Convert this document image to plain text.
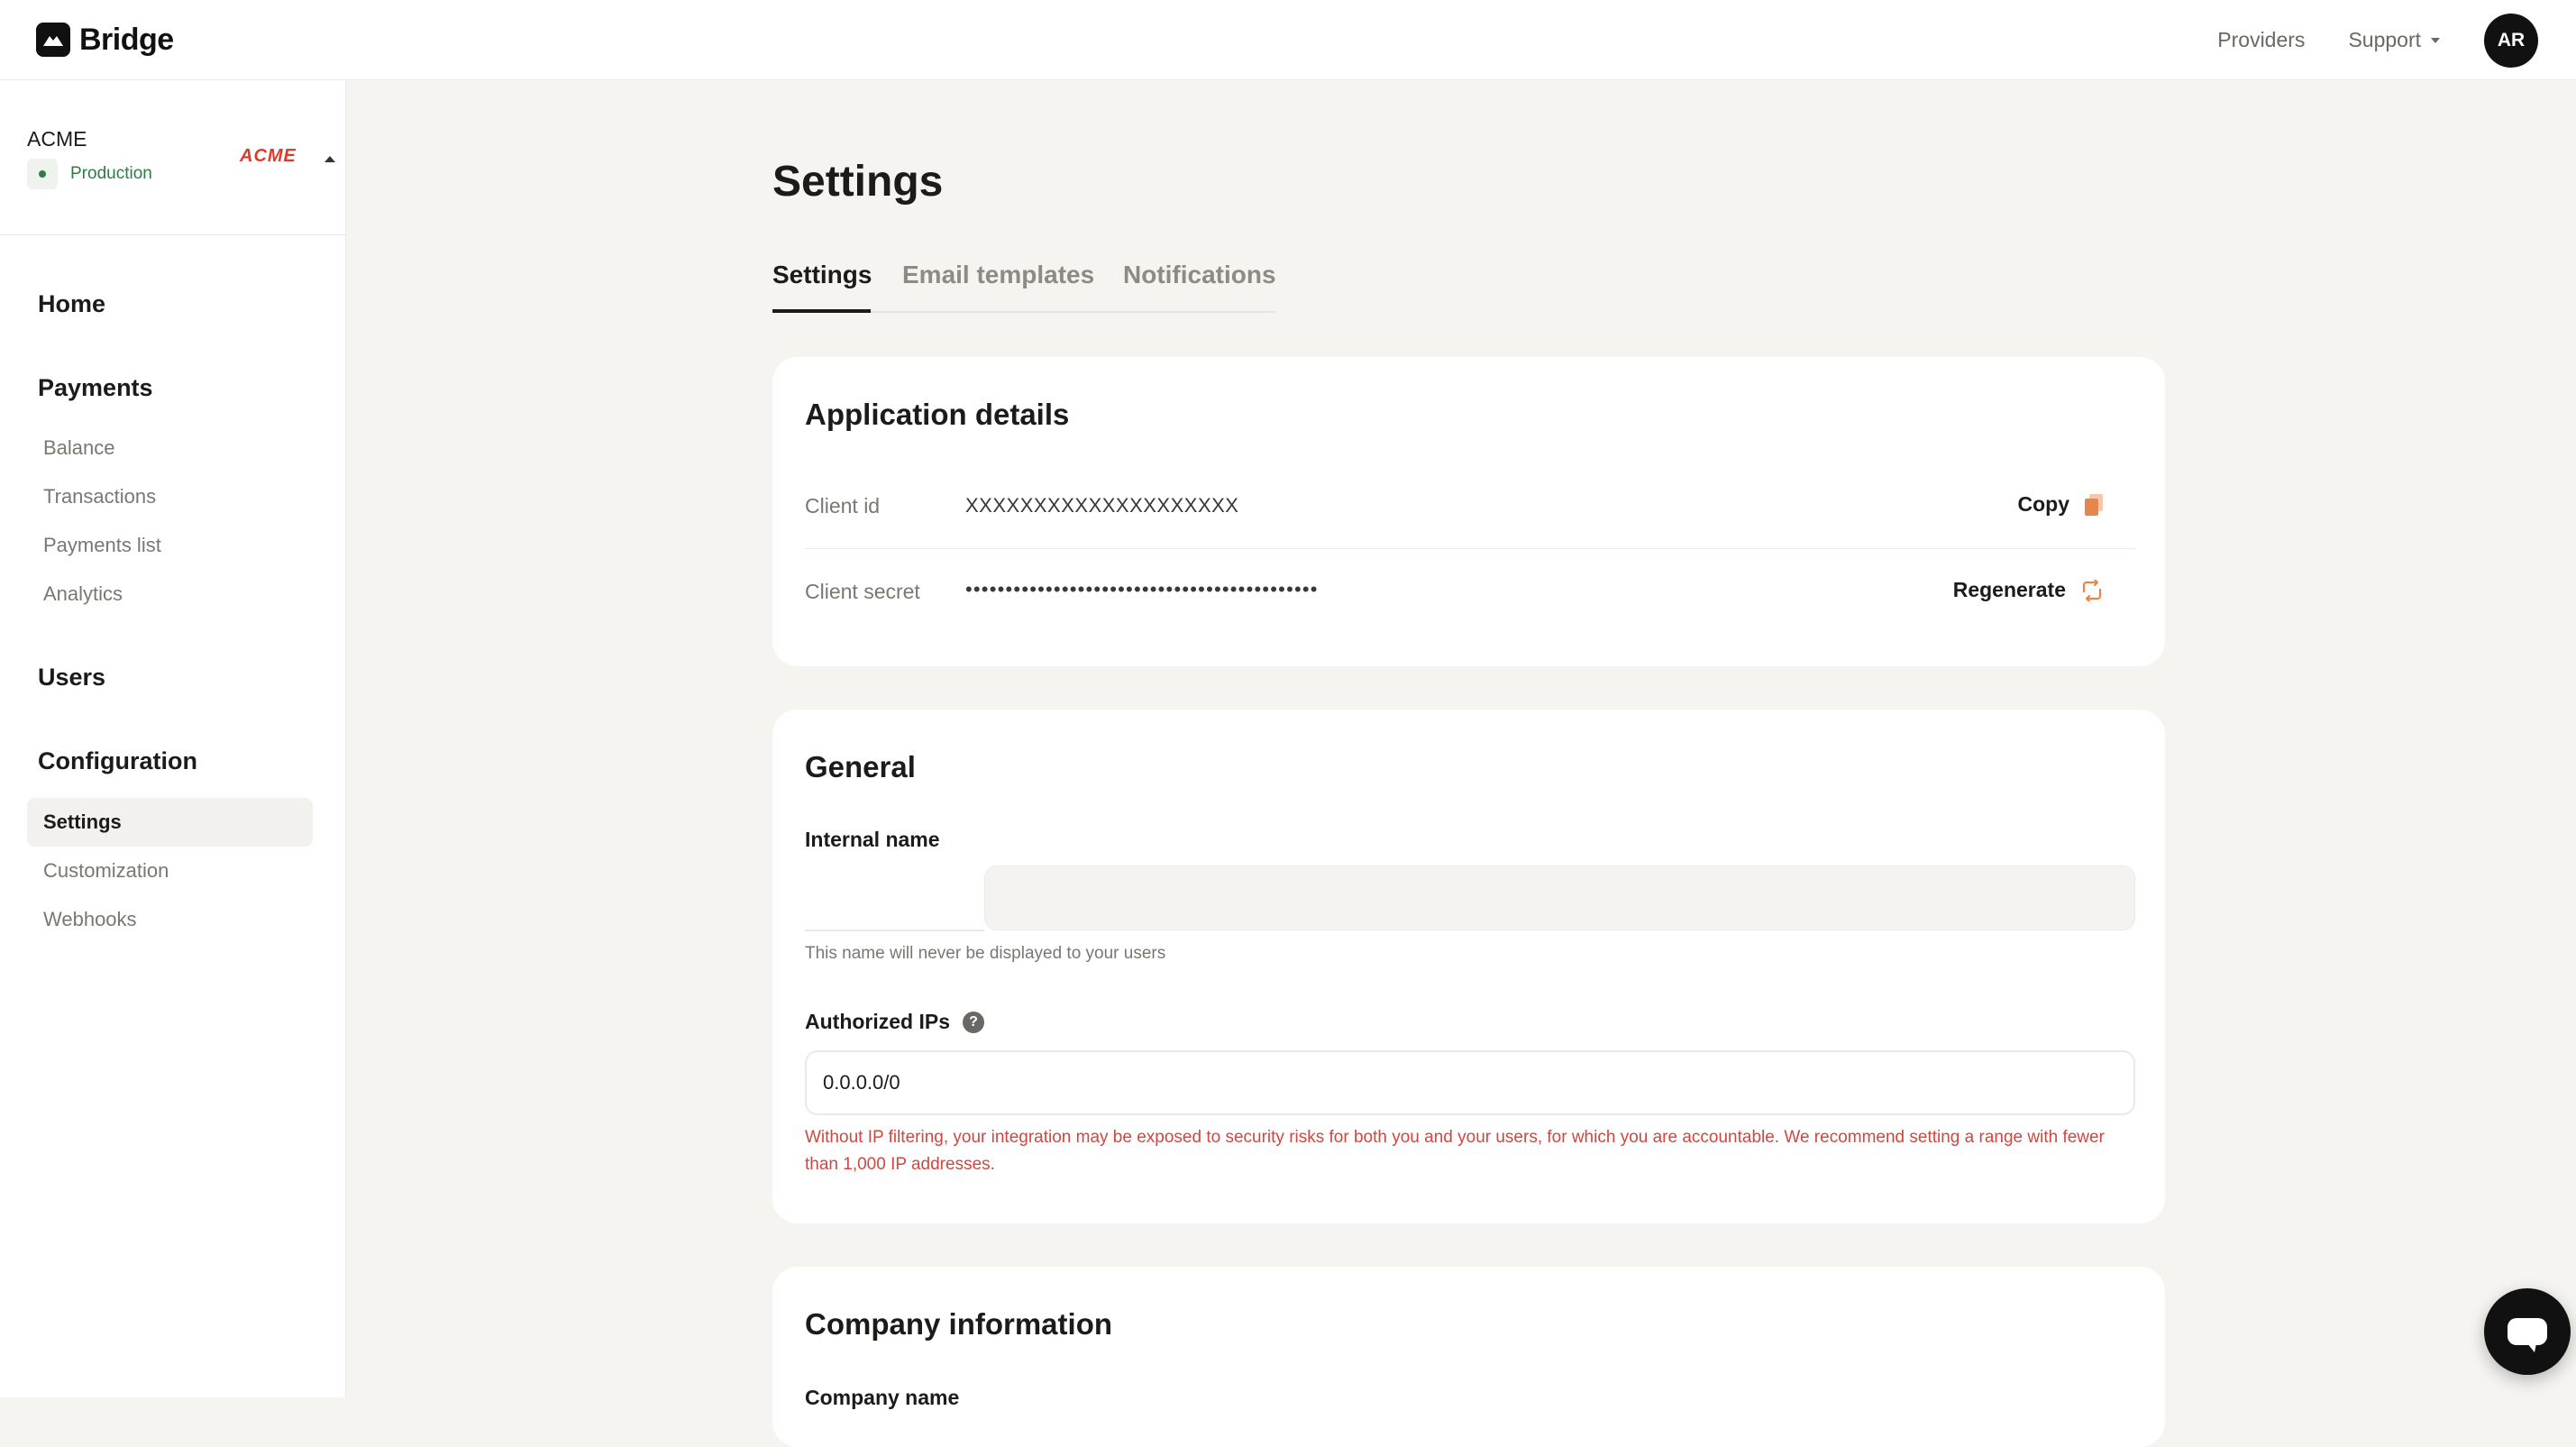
Bridge	Providers Support	AR
ACME
Production
ACME
Home
Payments
Balance
Transactions
Payments list
Analytics
Users
Configuration
Settings
Customization
Webhooks
Settings
Settings Email templates Notifications
Application details
Client id	XXXXXXXXXXXXXXXXXXXX	Copy
Client secret ••••••••••••••••••••••••••••••••••••••••••••	Regenerate
General
Internal name
This name will never be displayed to your users
Authorized IPs	?
0.0.0.0/0

Without IP filtering, your integration may be exposed to security risks for both you and your users, for which you are accountable. We recommend setting a range with fewer than 1,000 IP addresses.

Company information
Company name
